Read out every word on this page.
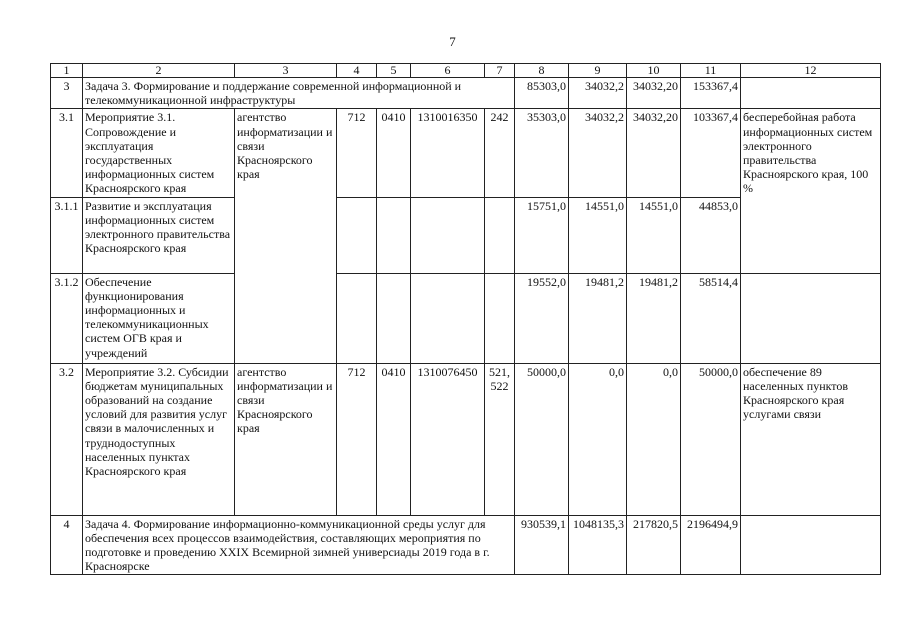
7
1	2	3	4	5	6	7	8	9	10	11	12
3	Задача 3. Формирование и поддержание современной информационной и телекоммуникационной инфраструктуры						85303,0	34032,2	34032,20	153367,4	
3.1	Мероприятие 3.1. Сопровождение и эксплуатация государственных информационных систем Красноярского края	агентство информатизации и связи Красноярского края	712	0410	1310016350	242	35303,0	34032,2	34032,20	103367,4	бесперебойная работа информационных систем электронного правительства Красноярского края, 100 %
3.1.1	Развитие и эксплуатация информационных систем электронного правительства Красноярского края						15751,0	14551,0	14551,0	44853,0	
3.1.2	Обеспечение функционирования информационных и телекоммуникационных систем ОГВ края и учреждений						19552,0	19481,2	19481,2	58514,4	
3.2	Мероприятие 3.2. Субсидии бюджетам муниципальных образований на создание условий для развития услуг связи в малочисленных и труднодоступных населенных пунктах Красноярского края	агентство информатизации и связи Красноярского края	712	0410	1310076450	521, 522	50000,0	0,0	0,0	50000,0	обеспечение 89 населенных пунктов Красноярского края услугами связи
4	Задача 4. Формирование информационно-коммуникационной среды услуг для обеспечения всех процессов взаимодействия, составляющих мероприятия по подготовке и проведению XXIX Всемирной зимней универсиады 2019 года в г. Красноярске						930539,1	1048135,3	217820,5	2196494,9	
